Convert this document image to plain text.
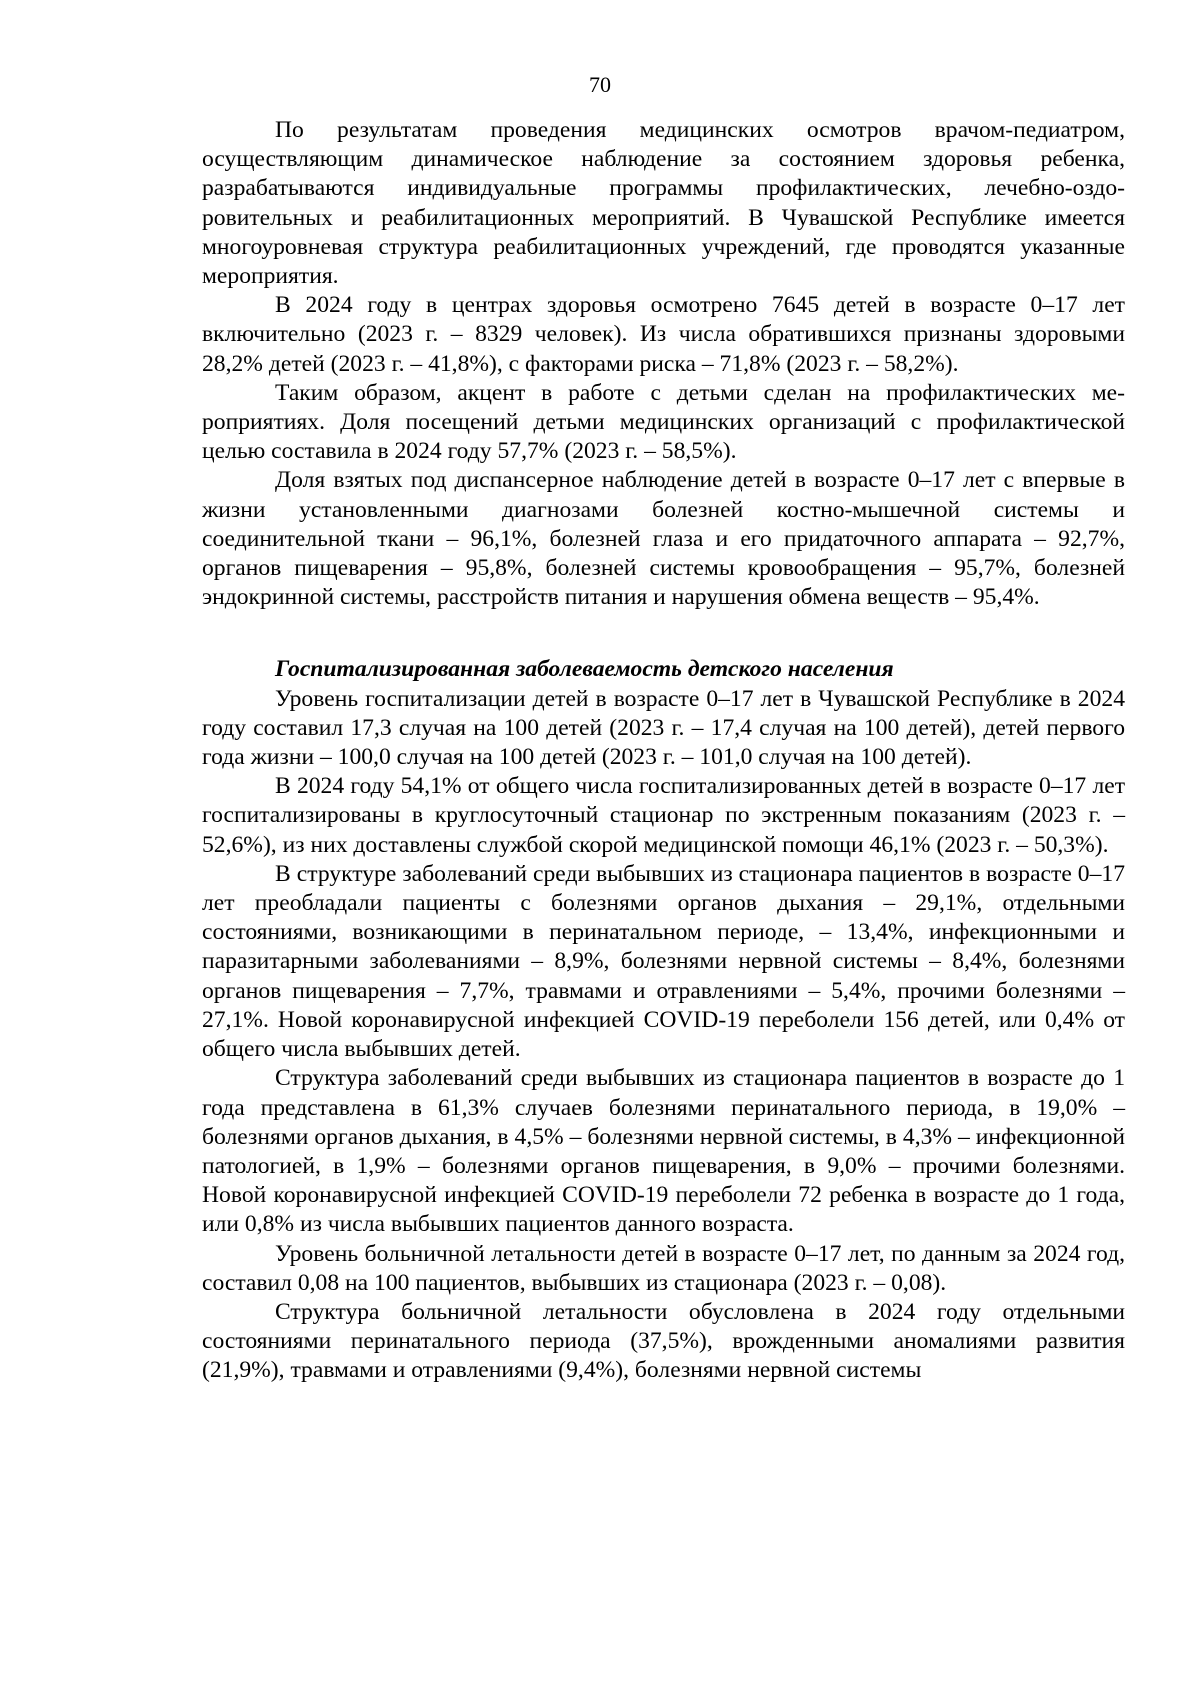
70

По результатам проведения медицинских осмотров врачом-педиатром, осуществляющим динамическое наблюдение за состоянием здоровья ребенка, разрабатываются индивидуальные программы профилактических, лечебно-оздоровительных и реабилитационных мероприятий. В Чувашской Республике имеется многоуровневая структура реабилитационных учреждений, где проводятся указанные мероприятия.

В 2024 году в центрах здоровья осмотрено 7645 детей в возрасте 0–17 лет включительно (2023 г. – 8329 человек). Из числа обратившихся признаны здоровыми 28,2% детей (2023 г. – 41,8%), с факторами риска – 71,8% (2023 г. – 58,2%).

Таким образом, акцент в работе с детьми сделан на профилактических мероприятиях. Доля посещений детьми медицинских организаций с профилактической целью составила в 2024 году 57,7% (2023 г. – 58,5%).

Доля взятых под диспансерное наблюдение детей в возрасте 0–17 лет с впервые в жизни установленными диагнозами болезней костно-мышечной системы и соединительной ткани – 96,1%, болезней глаза и его придаточного аппарата – 92,7%, органов пищеварения – 95,8%, болезней системы кровообращения – 95,7%, болезней эндокринной системы, расстройств питания и нарушения обмена веществ – 95,4%.

Госпитализированная заболеваемость детского населения

Уровень госпитализации детей в возрасте 0–17 лет в Чувашской Республике в 2024 году составил 17,3 случая на 100 детей (2023 г. – 17,4 случая на 100 детей), детей первого года жизни – 100,0 случая на 100 детей (2023 г. – 101,0 случая на 100 детей).

В 2024 году 54,1% от общего числа госпитализированных детей в возрасте 0–17 лет госпитализированы в круглосуточный стационар по экстренным показаниям (2023 г. – 52,6%), из них доставлены службой скорой медицинской помощи 46,1% (2023 г. – 50,3%).

В структуре заболеваний среди выбывших из стационара пациентов в возрасте 0–17 лет преобладали пациенты с болезнями органов дыхания – 29,1%, отдельными состояниями, возникающими в перинатальном периоде, – 13,4%, инфекционными и паразитарными заболеваниями – 8,9%, болезнями нервной системы – 8,4%, болезнями органов пищеварения – 7,7%, травмами и отравлениями – 5,4%, прочими болезнями – 27,1%. Новой коронавирусной инфекцией COVID-19 переболели 156 детей, или 0,4% от общего числа выбывших детей.

Структура заболеваний среди выбывших из стационара пациентов в возрасте до 1 года представлена в 61,3% случаев болезнями перинатального периода, в 19,0% – болезнями органов дыхания, в 4,5% – болезнями нервной системы, в 4,3% – инфекционной патологией, в 1,9% – болезнями органов пищеварения, в 9,0% – прочими болезнями. Новой коронавирусной инфекцией COVID-19 переболели 72 ребенка в возрасте до 1 года, или 0,8% из числа выбывших пациентов данного возраста.

Уровень больничной летальности детей в возрасте 0–17 лет, по данным за 2024 год, составил 0,08 на 100 пациентов, выбывших из стационара (2023 г. – 0,08).

Структура больничной летальности обусловлена в 2024 году отдельными состояниями перинатального периода (37,5%), врожденными аномалиями развития (21,9%), травмами и отравлениями (9,4%), болезнями нервной системы
